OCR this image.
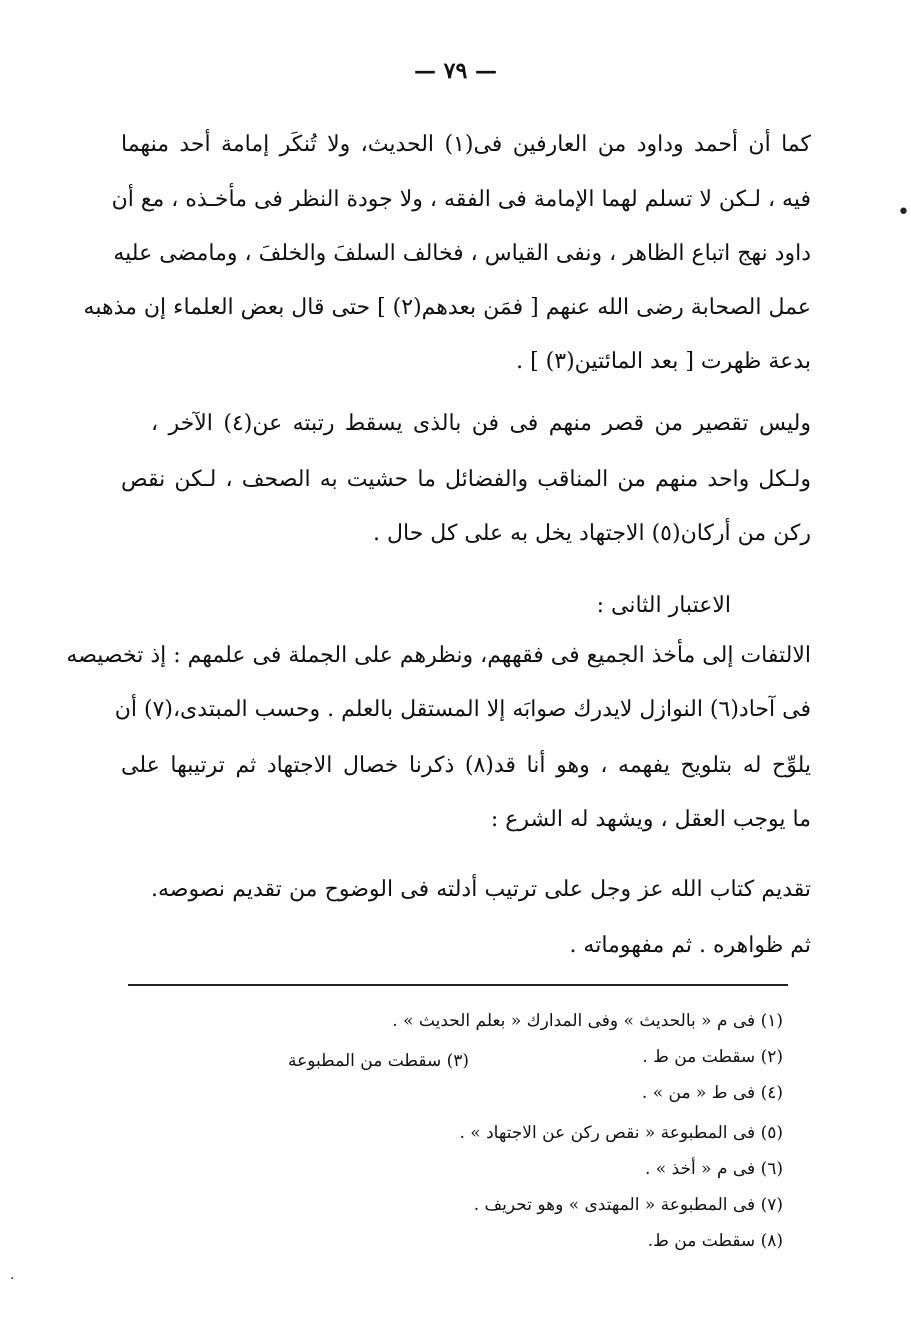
— ٧٩ —
كما أن أحمد وداود من العارفين فى(١) الحديث، ولا تُنكَر إمامة أحد منهما
فيه ، لـكن لا تسلم لهما الإمامة فى الفقه ، ولا جودة النظر فى مأخـذه ، مع أن
داود نهج اتباع الظاهر ، ونفى القياس ، فخالف السلفَ والخلفَ ، ومامضى عليه
عمل الصحابة رضى الله عنهم [ فمَن بعدهم(٢) ] حتى قال بعض العلماء إن مذهبه
بدعة ظهرت [ بعد المائتين(٣) ] .
وليس تقصير من قصر منهم فى فن بالذى يسقط رتبته عن(٤) الآخر ،
ولـكل واحد منهم من المناقب والفضائل ما حشيت به الصحف ، لـكن نقص
ركن من أركان(٥) الاجتهاد يخل به على كل حال .
الاعتبار الثانى :
الالتفات إلى مأخذ الجميع فى فقههم، ونظرهم على الجملة فى علمهم : إذ تخصيصه
فى آحاد(٦) النوازل لايدرك صوابَه إلا المستقل بالعلم . وحسب المبتدى،(٧) أن
يلوِّح له بتلويح يفهمه ، وهو أنا قد(٨) ذكرنا خصال الاجتهاد ثم ترتيبها على
ما يوجب العقل ، ويشهد له الشرع :
تقديم كتاب الله عز وجل على ترتيب أدلته فى الوضوح من تقديم نصوصه.
ثم ظواهره . ثم مفهوماته .
(١) فى م « بالحديث » وفى المدارك « بعلم الحديث » .
(٢) سقطت من ط .
(٣) سقطت من المطبوعة
(٤) فى ط « من » .
(٥) فى المطبوعة « نقص ركن عن الاجتهاد » .
(٦) فى م « أخذ » .
(٧) فى المطبوعة « المهتدى » وهو تحريف .
(٨) سقطت من ط.
•
·
